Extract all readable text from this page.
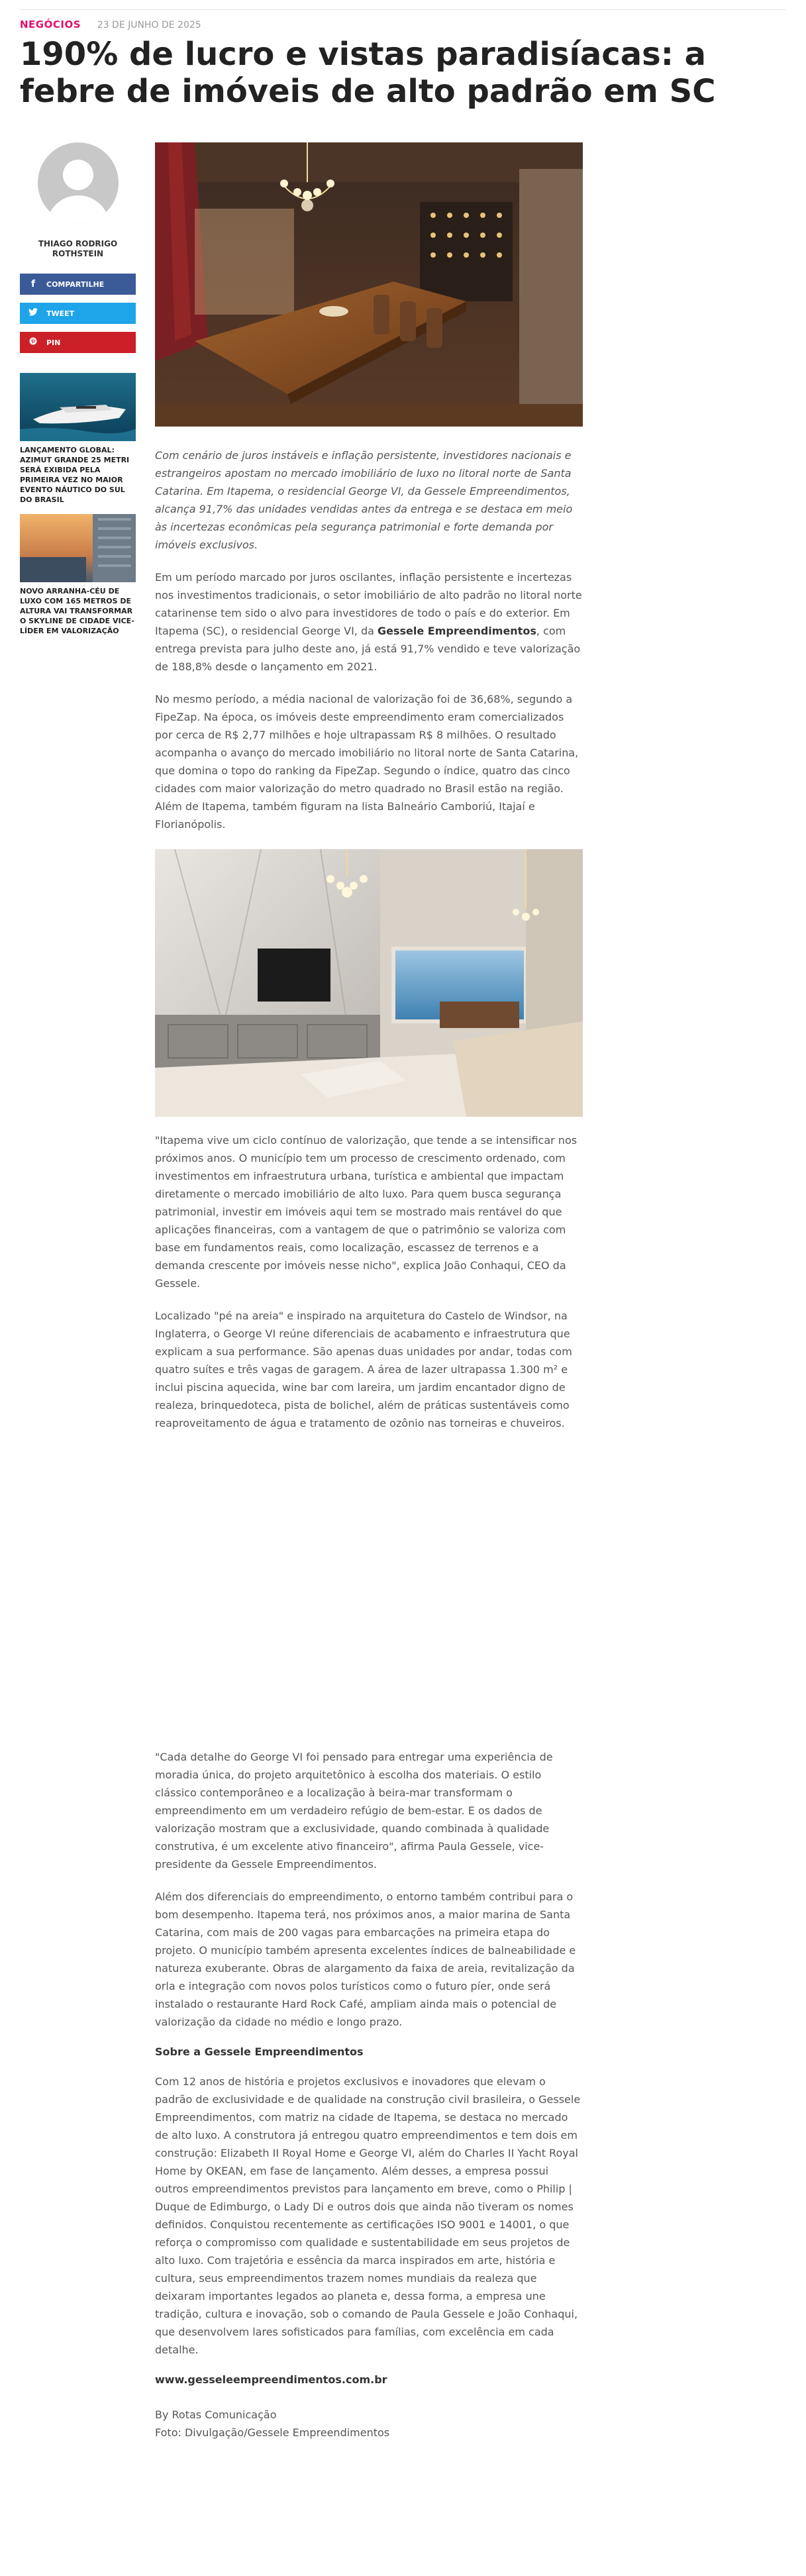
NEGÓCIOS 23 DE JUNHO DE 2025
190% de lucro e vistas paradisíacas: a febre de imóveis de alto padrão em SC
THIAGO RODRIGO ROTHSTEIN
f	COMPARTILHE
TWEET
PIN
LANÇAMENTO GLOBAL: AZIMUT GRANDE 25 METRI SERÁ EXIBIDA PELA PRIMEIRA VEZ NO MAIOR EVENTO NÁUTICO DO SUL DO BRASIL
NOVO ARRANHA-CÉU DE LUXO COM 165 METROS DE ALTURA VAI TRANSFORMAR O SKYLINE DE CIDADE VICE-LÍDER EM VALORIZAÇÃO

Com cenário de juros instáveis e inflação persistente, investidores nacionais e estrangeiros apostam no mercado imobiliário de luxo no litoral norte de Santa Catarina. Em Itapema, o residencial George VI, da Gessele Empreendimentos, alcança 91,7% das unidades vendidas antes da entrega e se destaca em meio às incertezas econômicas pela segurança patrimonial e forte demanda por imóveis exclusivos.

Em um período marcado por juros oscilantes, inflação persistente e incertezas nos investimentos tradicionais, o setor imobiliário de alto padrão no litoral norte catarinense tem sido o alvo para investidores de todo o país e do exterior. Em Itapema (SC), o residencial George VI, da Gessele Empreendimentos, com entrega prevista para julho deste ano, já está 91,7% vendido e teve valorização de 188,8% desde o lançamento em 2021.

No mesmo período, a média nacional de valorização foi de 36,68%, segundo a FipeZap. Na época, os imóveis deste empreendimento eram comercializados por cerca de R$ 2,77 milhões e hoje ultrapassam R$ 8 milhões. O resultado acompanha o avanço do mercado imobiliário no litoral norte de Santa Catarina, que domina o topo do ranking da FipeZap. Segundo o índice, quatro das cinco cidades com maior valorização do metro quadrado no Brasil estão na região. Além de Itapema, também figuram na lista Balneário Camboriú, Itajaí e Florianópolis.

"Itapema vive um ciclo contínuo de valorização, que tende a se intensificar nos próximos anos. O município tem um processo de crescimento ordenado, com investimentos em infraestrutura urbana, turística e ambiental que impactam diretamente o mercado imobiliário de alto luxo. Para quem busca segurança patrimonial, investir em imóveis aqui tem se mostrado mais rentável do que aplicações financeiras, com a vantagem de que o patrimônio se valoriza com base em fundamentos reais, como localização, escassez de terrenos e a demanda crescente por imóveis nesse nicho", explica João Conhaqui, CEO da Gessele.

Localizado "pé na areia" e inspirado na arquitetura do Castelo de Windsor, na Inglaterra, o George VI reúne diferenciais de acabamento e infraestrutura que explicam a sua performance. São apenas duas unidades por andar, todas com quatro suítes e três vagas de garagem. A área de lazer ultrapassa 1.300 m² e inclui piscina aquecida, wine bar com lareira, um jardim encantador digno de realeza, brinquedoteca, pista de bolichel, além de práticas sustentáveis como reaproveitamento de água e tratamento de ozônio nas torneiras e chuveiros.

"Cada detalhe do George VI foi pensado para entregar uma experiência de moradia única, do projeto arquitetônico à escolha dos materiais. O estilo clássico contemporâneo e a localização à beira-mar transformam o empreendimento em um verdadeiro refúgio de bem-estar. E os dados de valorização mostram que a exclusividade, quando combinada à qualidade construtiva, é um excelente ativo financeiro", afirma Paula Gessele, vice-presidente da Gessele Empreendimentos.

Além dos diferenciais do empreendimento, o entorno também contribui para o bom desempenho. Itapema terá, nos próximos anos, a maior marina de Santa Catarina, com mais de 200 vagas para embarcações na primeira etapa do projeto. O município também apresenta excelentes índices de balneabilidade e natureza exuberante. Obras de alargamento da faixa de areia, revitalização da orla e integração com novos polos turísticos como o futuro píer, onde será instalado o restaurante Hard Rock Café, ampliam ainda mais o potencial de valorização da cidade no médio e longo prazo.

Sobre a Gessele Empreendimentos

Com 12 anos de história e projetos exclusivos e inovadores que elevam o padrão de exclusividade e de qualidade na construção civil brasileira, o Gessele Empreendimentos, com matriz na cidade de Itapema, se destaca no mercado de alto luxo. A construtora já entregou quatro empreendimentos e tem dois em construção: Elizabeth II Royal Home e George VI, além do Charles II Yacht Royal Home by OKEAN, em fase de lançamento. Além desses, a empresa possui outros empreendimentos previstos para lançamento em breve, como o Philip | Duque de Edimburgo, o Lady Di e outros dois que ainda não tiveram os nomes definidos. Conquistou recentemente as certificações ISO 9001 e 14001, o que reforça o compromisso com qualidade e sustentabilidade em seus projetos de alto luxo. Com trajetória e essência da marca inspirados em arte, história e cultura, seus empreendimentos trazem nomes mundiais da realeza que deixaram importantes legados ao planeta e, dessa forma, a empresa une tradição, cultura e inovação, sob o comando de Paula Gessele e João Conhaqui, que desenvolvem lares sofisticados para famílias, com excelência em cada detalhe.

www.gesseleempreendimentos.com.br

By Rotas Comunicação
Foto: Divulgação/Gessele Empreendimentos
